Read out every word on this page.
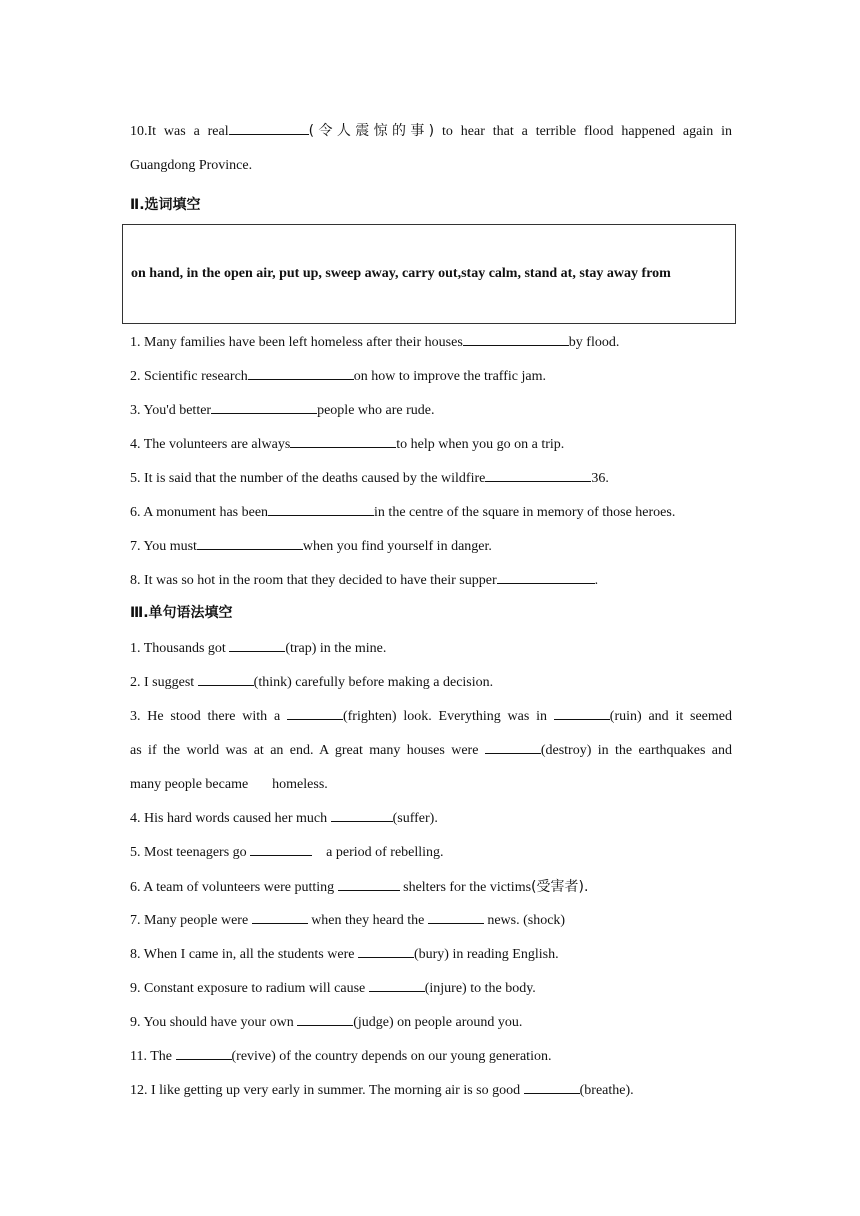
10.It was a real	(令人震惊的事) to hear that a terrible flood happened again in
Guangdong Province.
Ⅱ.选词填空
on hand, in the open air, put up, sweep away, carry out,stay calm, stand at, stay away from
1. Many families have been left homeless after their houses	by flood.
2. Scientific research	on how to improve the traffic jam.
3. You'd better	people who are rude.
4. The volunteers are always	to help when you go on a trip.
5. It is said that the number of the deaths caused by the wildfire	36.
6. A monument has been	in the centre of the square in memory of those heroes.
7. You must	when you find yourself in danger.
8. It was so hot in the room that they decided to have their supper	.
Ⅲ.单句语法填空
1. Thousands got	(trap) in the mine.
2. I suggest	(think) carefully before making a decision.
3. He stood there with a	(frighten) look. Everything was in	(ruin) and it seemed
as if the world was at an end. A great many houses were	(destroy) in the earthquakes and
many people became homeless.
4. His hard words caused her much	(suffer).
5. Most teenagers go	a period of rebelling.
6. A team of volunteers were putting	shelters for the victims(受害者).
7. Many people were	when they heard the	news. (shock)
8. When I came in, all the students were	(bury) in reading English.
9. Constant exposure to radium will cause	(injure) to the body.
9. You should have your own	(judge) on people around you.
11. The	(revive) of the country depends on our young generation.
12. I like getting up very early in summer. The morning air is so good	(breathe).
